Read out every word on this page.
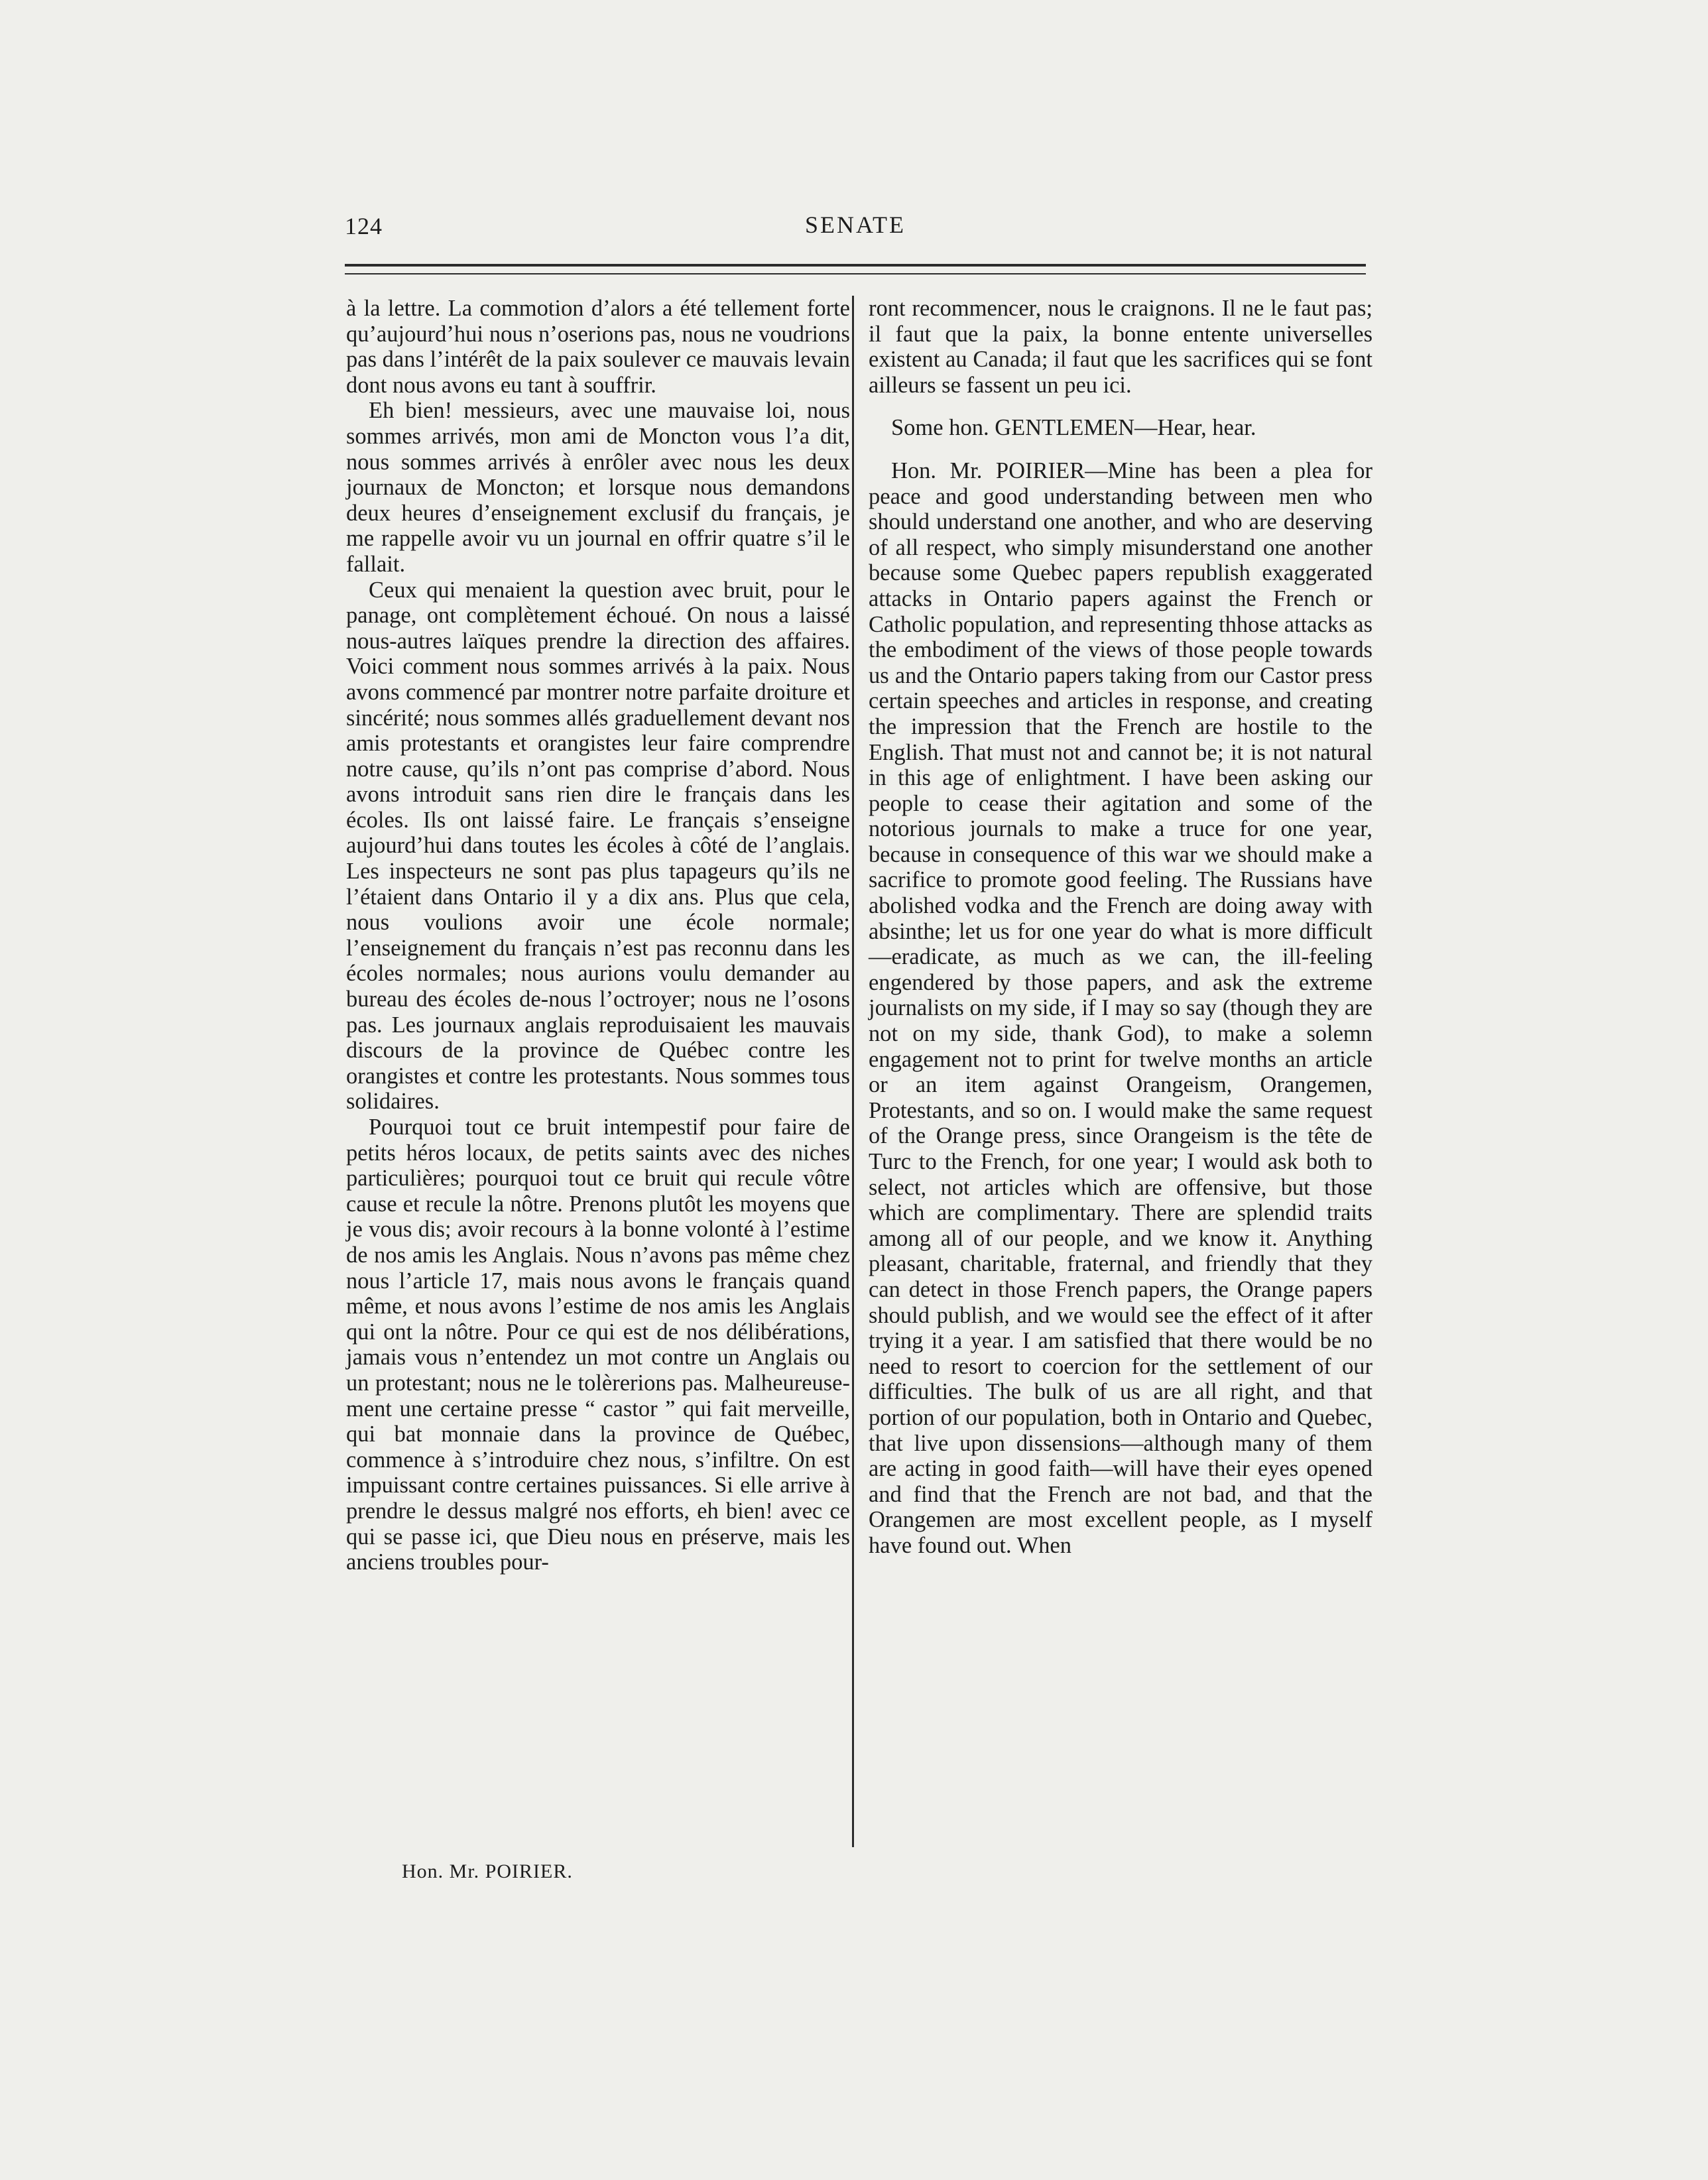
124	SENATE

à la lettre. La commotion d’alors a été tellement forte qu’aujourd’hui nous n’oserions pas, nous ne voudrions pas dans l’intérêt de la paix soulever ce mauvais levain dont nous avons eu tant à souffrir.

Eh bien! messieurs, avec une mauvaise loi, nous sommes arrivés, mon ami de Moncton vous l’a dit, nous sommes arrivés à enrôler avec nous les deux journaux de Moncton; et lorsque nous demandons deux heures d’enseignement exclusif du français, je me rappelle avoir vu un journal en offrir quatre s’il le fallait.

Ceux qui menaient la question avec bruit, pour le panage, ont complètement échoué. On nous a laissé nous-autres laïques prendre la direction des affaires. Voici comment nous sommes arrivés à la paix. Nous avons commencé par montrer notre parfaite droiture et sincérité; nous sommes allés graduellement devant nos amis protestants et orangistes leur faire comprendre notre cause, qu’ils n’ont pas comprise d’abord. Nous avons introduit sans rien dire le français dans les écoles. Ils ont laissé faire. Le français s’enseigne aujourd’hui dans toutes les écoles à côté de l’anglais. Les inspecteurs ne sont pas plus tapageurs qu’ils ne l’étaient dans Ontario il y a dix ans. Plus que cela, nous voulions avoir une école normale; l’enseignement du français n’est pas reconnu dans les écoles normales; nous aurions voulu demander au bureau des écoles de-nous l’octroyer; nous ne l’osons pas. Les journaux anglais reproduisaient les mauvais discours de la province de Québec contre les orangistes et contre les protestants. Nous sommes tous solidaires.

Pourquoi tout ce bruit intempestif pour faire de petits héros locaux, de petits saints avec des niches particulières; pourquoi tout ce bruit qui recule vôtre cause et recule la nôtre. Prenons plutôt les moyens que je vous dis; avoir recours à la bonne volonté à l’estime de nos amis les Anglais. Nous n’avons pas même chez nous l’article 17, mais nous avons le français quand même, et nous avons l’estime de nos amis les Anglais qui ont la nôtre. Pour ce qui est de nos délibérations, jamais vous n’entendez un mot contre un Anglais ou un protestant; nous ne le tolèrerions pas. Malheureusement une certaine presse “ castor ” qui fait merveille, qui bat monnaie dans la province de Québec, commence à s’introduire chez nous, s’infiltre. On est impuissant contre certaines puissances. Si elle arrive à prendre le dessus malgré nos efforts, eh bien! avec ce qui se passe ici, que Dieu nous en préserve, mais les anciens troubles pour-

ront recommencer, nous le craignons. Il ne le faut pas; il faut que la paix, la bonne entente universelles existent au Canada; il faut que les sacrifices qui se font ailleurs se fassent un peu ici.

Some hon. GENTLEMEN—Hear, hear.

Hon. Mr. POIRIER—Mine has been a plea for peace and good understanding between men who should understand one another, and who are deserving of all respect, who simply misunderstand one another because some Quebec papers republish exaggerated attacks in Ontario papers against the French or Catholic population, and representing thhose attacks as the embodiment of the views of those people towards us and the Ontario papers taking from our Castor press certain speeches and articles in response, and creating the impression that the French are hostile to the English. That must not and cannot be; it is not natural in this age of enlightment. I have been asking our people to cease their agitation and some of the notorious journals to make a truce for one year, because in consequence of this war we should make a sacrifice to promote good feeling. The Russians have abolished vodka and the French are doing away with absinthe; let us for one year do what is more difficult—eradicate, as much as we can, the ill-feeling engendered by those papers, and ask the extreme journalists on my side, if I may so say (though they are not on my side, thank God), to make a solemn engagement not to print for twelve months an article or an item against Orangeism, Orangemen, Protestants, and so on. I would make the same request of the Orange press, since Orangeism is the tête de Turc to the French, for one year; I would ask both to select, not articles which are offensive, but those which are complimentary. There are splendid traits among all of our people, and we know it. Anything pleasant, charitable, fraternal, and friendly that they can detect in those French papers, the Orange papers should publish, and we would see the effect of it after trying it a year. I am satisfied that there would be no need to resort to coercion for the settlement of our difficulties. The bulk of us are all right, and that portion of our population, both in Ontario and Quebec, that live upon dissensions—although many of them are acting in good faith—will have their eyes opened and find that the French are not bad, and that the Orangemen are most excellent people, as I myself have found out. When

Hon. Mr. POIRIER.
